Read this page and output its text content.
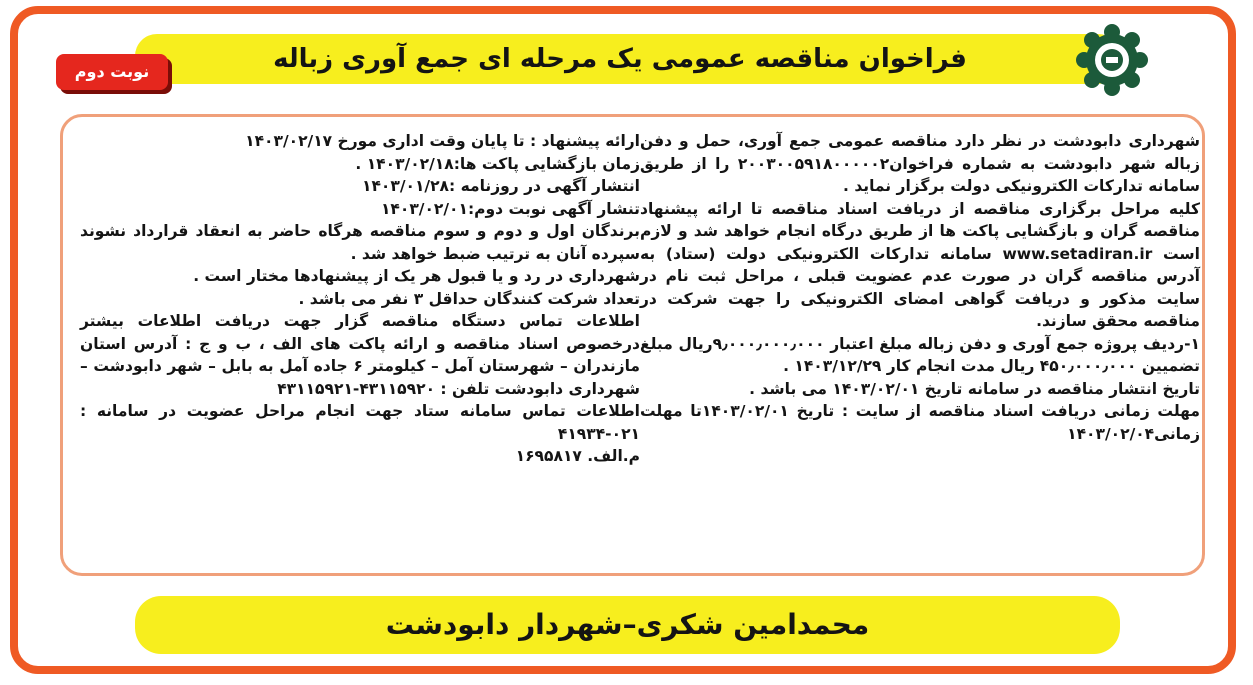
فراخوان مناقصه عمومی یک مرحله ای جمع آوری زباله
نوبت دوم

شهرداری دابودشت در نظر دارد مناقصه عمومی جمع آوری، حمل و دفن زباله شهر دابودشت به شماره فراخوان۲۰۰۳۰۰۵۹۱۸۰۰۰۰۰۲ را از طریق سامانه تدارکات الکترونیکی دولت برگزار نماید .

کلیه مراحل برگزاری مناقصه از دریافت اسناد مناقصه تا ارائه پیشنهاد مناقصه گران و بازگشایی پاکت ها از طریق درگاه انجام خواهد شد و لازم است www.setadiran.ir سامانه تدارکات الکترونیکی دولت (ستاد) به آدرس مناقصه گران در صورت عدم عضویت قبلی ، مراحل ثبت نام در سایت مذکور و دریافت گواهی امضای الکترونیکی را جهت شرکت در مناقصه محقق سازند.

۱-ردیف پروژه جمع آوری و دفن زباله مبلغ اعتبار ۹٫۰۰۰٫۰۰۰٫۰۰۰ریال مبلغ تضمیین ۴۵۰٫۰۰۰٫۰۰۰ ریال مدت انجام کار ۱۴۰۳/۱۲/۲۹ .

تاریخ انتشار مناقصه در سامانه تاریخ ۱۴۰۳/۰۲/۰۱ می باشد .

مهلت زمانی دریافت اسناد مناقصه از سایت : تاریخ ۱۴۰۳/۰۲/۰۱تا مهلت زمانی۱۴۰۳/۰۲/۰۴

ارائه پیشنهاد : تا پایان وقت اداری مورخ ۱۴۰۳/۰۲/۱۷

زمان بازگشایی پاکت ها:۱۴۰۳/۰۲/۱۸ .

انتشار آگهی در روزنامه :۱۴۰۳/۰۱/۲۸

تنشار آگهی نوبت دوم:۱۴۰۳/۰۲/۰۱

برندگان اول و دوم و سوم مناقصه هرگاه حاضر به انعقاد قرارداد نشوند سپرده آنان به ترتیب ضبط خواهد شد .

شهرداری در رد و یا قبول هر یک از پیشنهادها مختار است .

تعداد شرکت کنندگان حداقل ۳ نفر می باشد .

اطلاعات تماس دستگاه مناقصه گزار جهت دریافت اطلاعات بیشتر درخصوص اسناد مناقصه و ارائه پاکت های الف ، ب و ج : آدرس استان مازندران – شهرستان آمل – کیلومتر ۶ جاده آمل به بابل – شهر دابودشت –شهرداری دابودشت تلفن : ۴۳۱۱۵۹۲۰-۴۳۱۱۵۹۲۱

اطلاعات تماس سامانه ستاد جهت انجام مراحل عضویت در سامانه : ۰۲۱-۴۱۹۳۴

م.الف. ۱۶۹۵۸۱۷

محمدامین شکری–شهردار دابودشت
